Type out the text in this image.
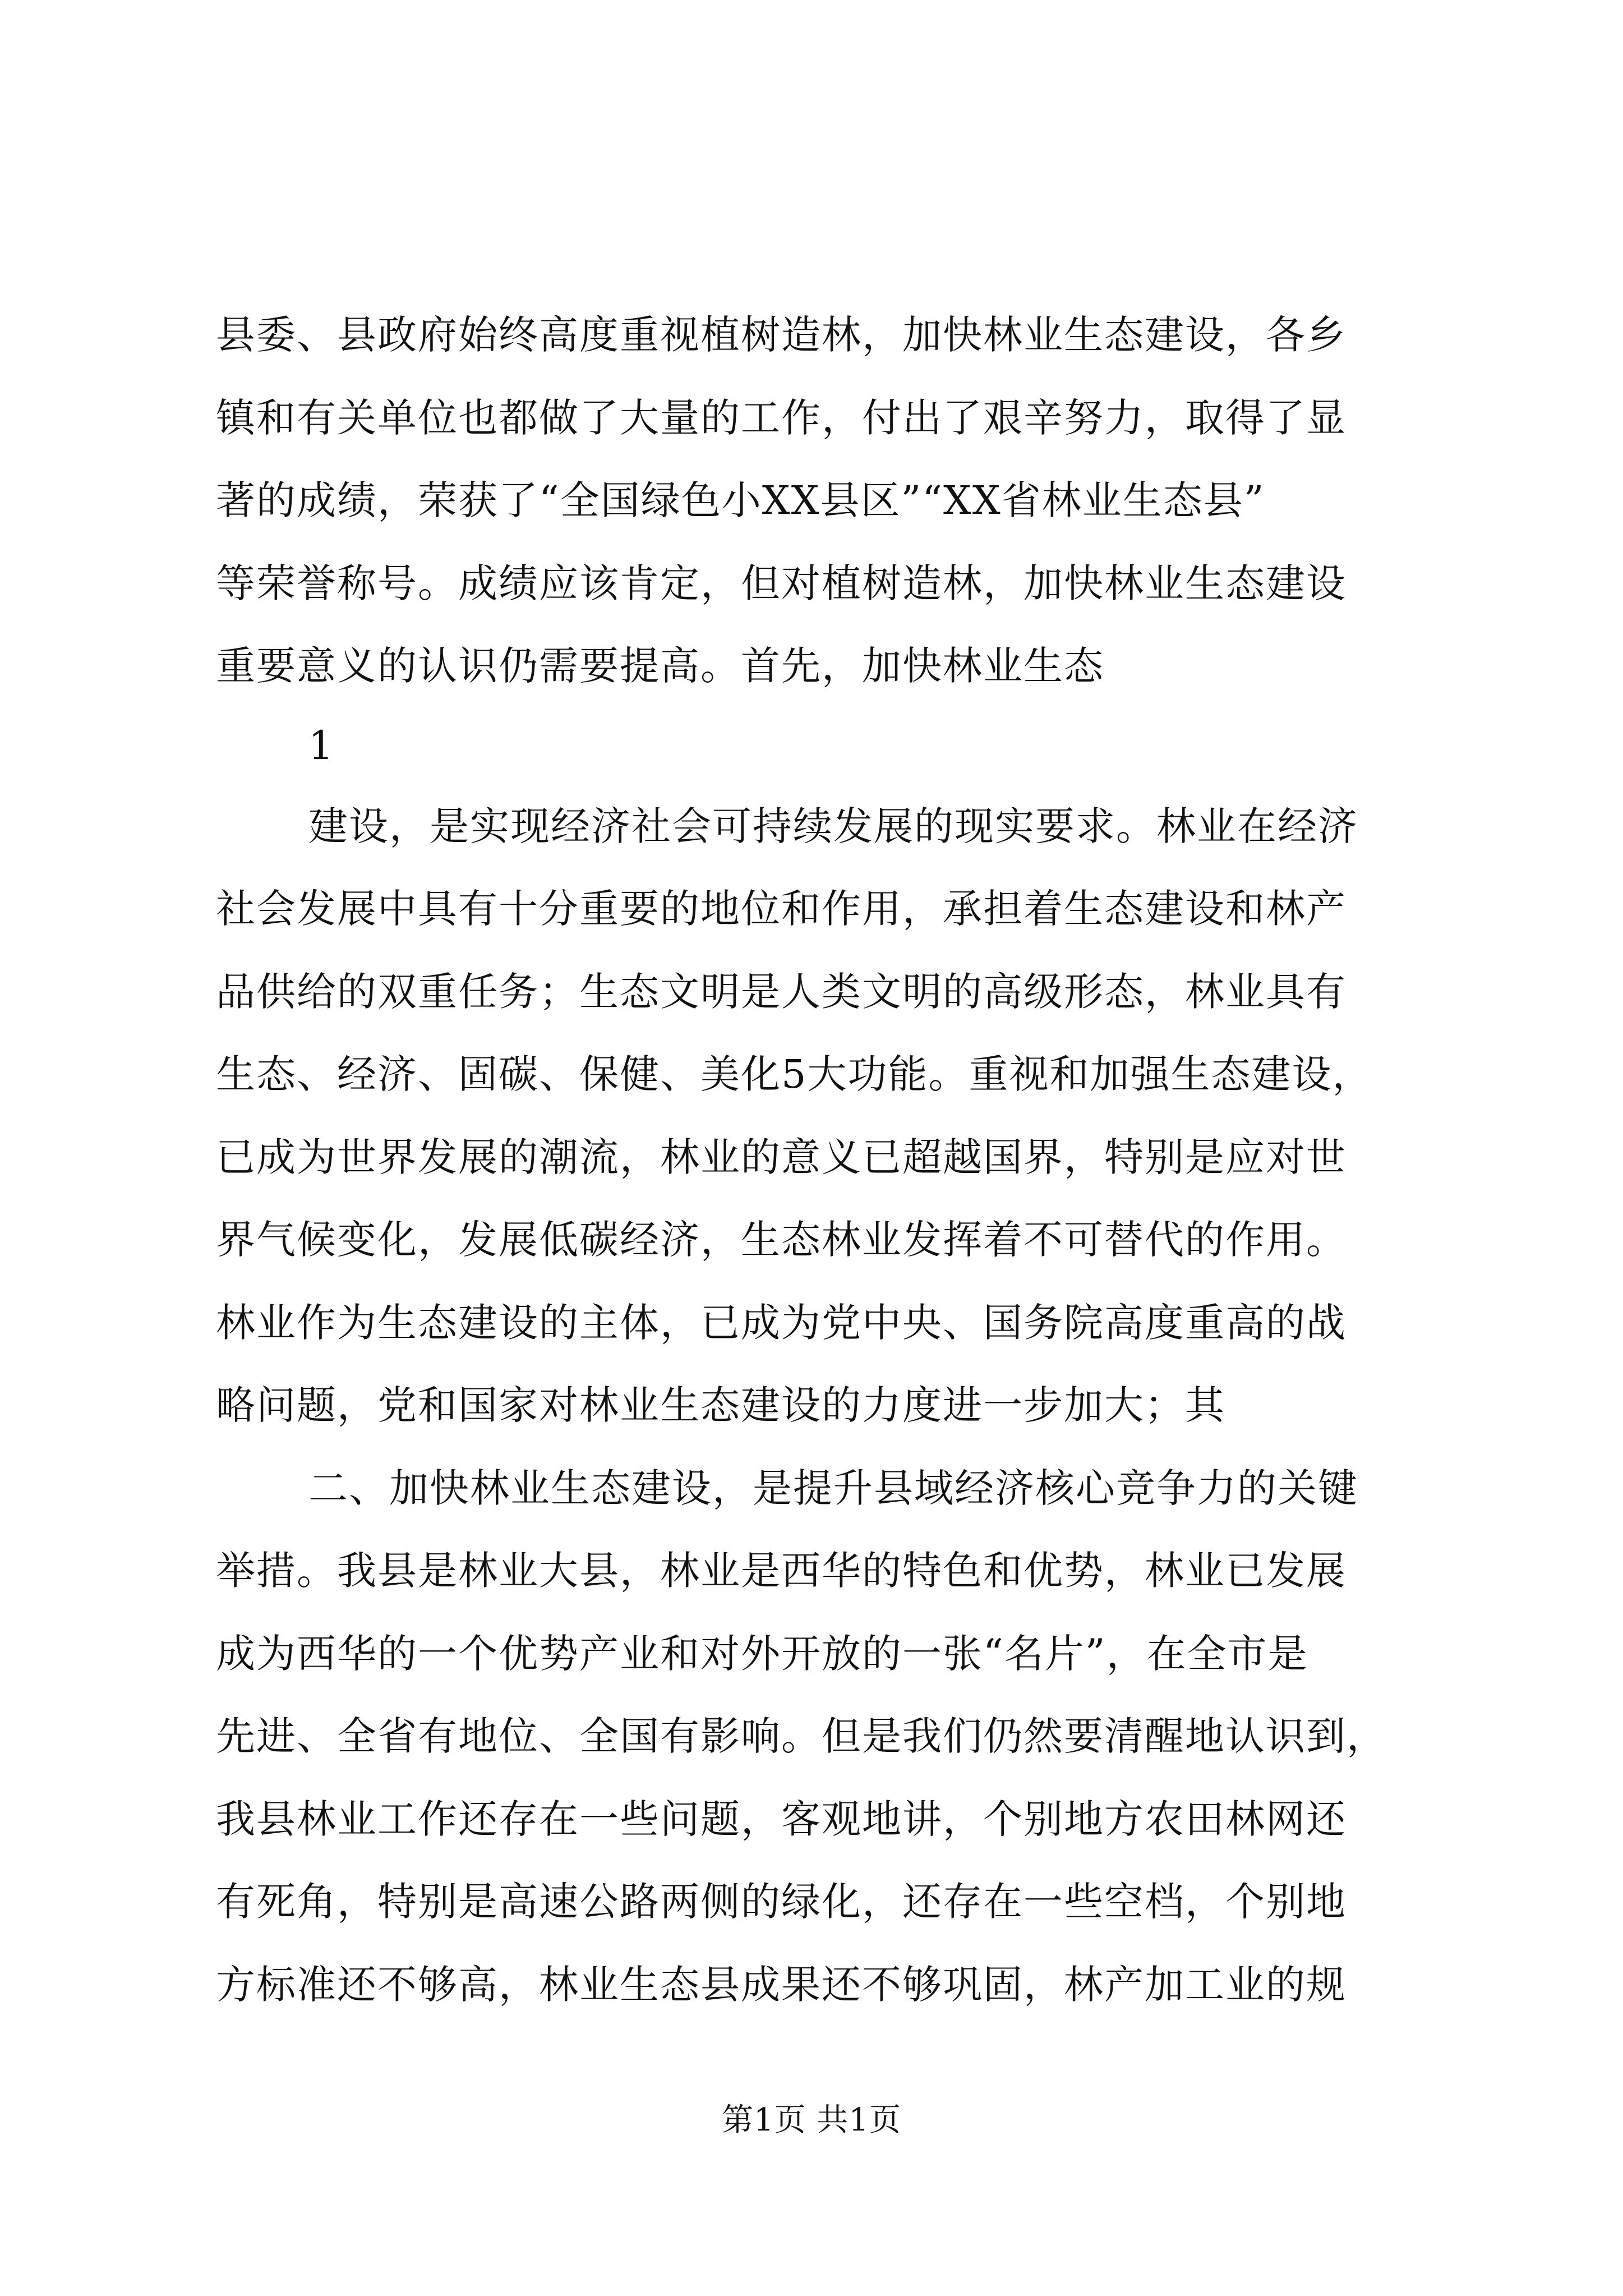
县委、县政府始终高度重视植树造林，加快林业生态建设，各乡
镇和有关单位也都做了大量的工作，付出了艰辛努力，取得了显
著的成绩，荣获了“全国绿色小XX县区”“XX省林业生态县”
等荣誉称号。成绩应该肯定，但对植树造林，加快林业生态建设
重要意义的认识仍需要提高。首先，加快林业生态
1
建设，是实现经济社会可持续发展的现实要求。林业在经济
社会发展中具有十分重要的地位和作用，承担着生态建设和林产
品供给的双重任务；生态文明是人类文明的高级形态，林业具有
生态、经济、固碳、保健、美化5大功能。重视和加强生态建设，
已成为世界发展的潮流，林业的意义已超越国界，特别是应对世
界气候变化，发展低碳经济，生态林业发挥着不可替代的作用。
林业作为生态建设的主体，已成为党中央、国务院高度重高的战
略问题，党和国家对林业生态建设的力度进一步加大；其
二、加快林业生态建设，是提升县域经济核心竞争力的关键
举措。我县是林业大县，林业是西华的特色和优势，林业已发展
成为西华的一个优势产业和对外开放的一张“名片”，在全市是
先进、全省有地位、全国有影响。但是我们仍然要清醒地认识到，
我县林业工作还存在一些问题，客观地讲，个别地方农田林网还
有死角，特别是高速公路两侧的绿化，还存在一些空档，个别地
方标准还不够高，林业生态县成果还不够巩固，林产加工业的规
第1页 共1页
